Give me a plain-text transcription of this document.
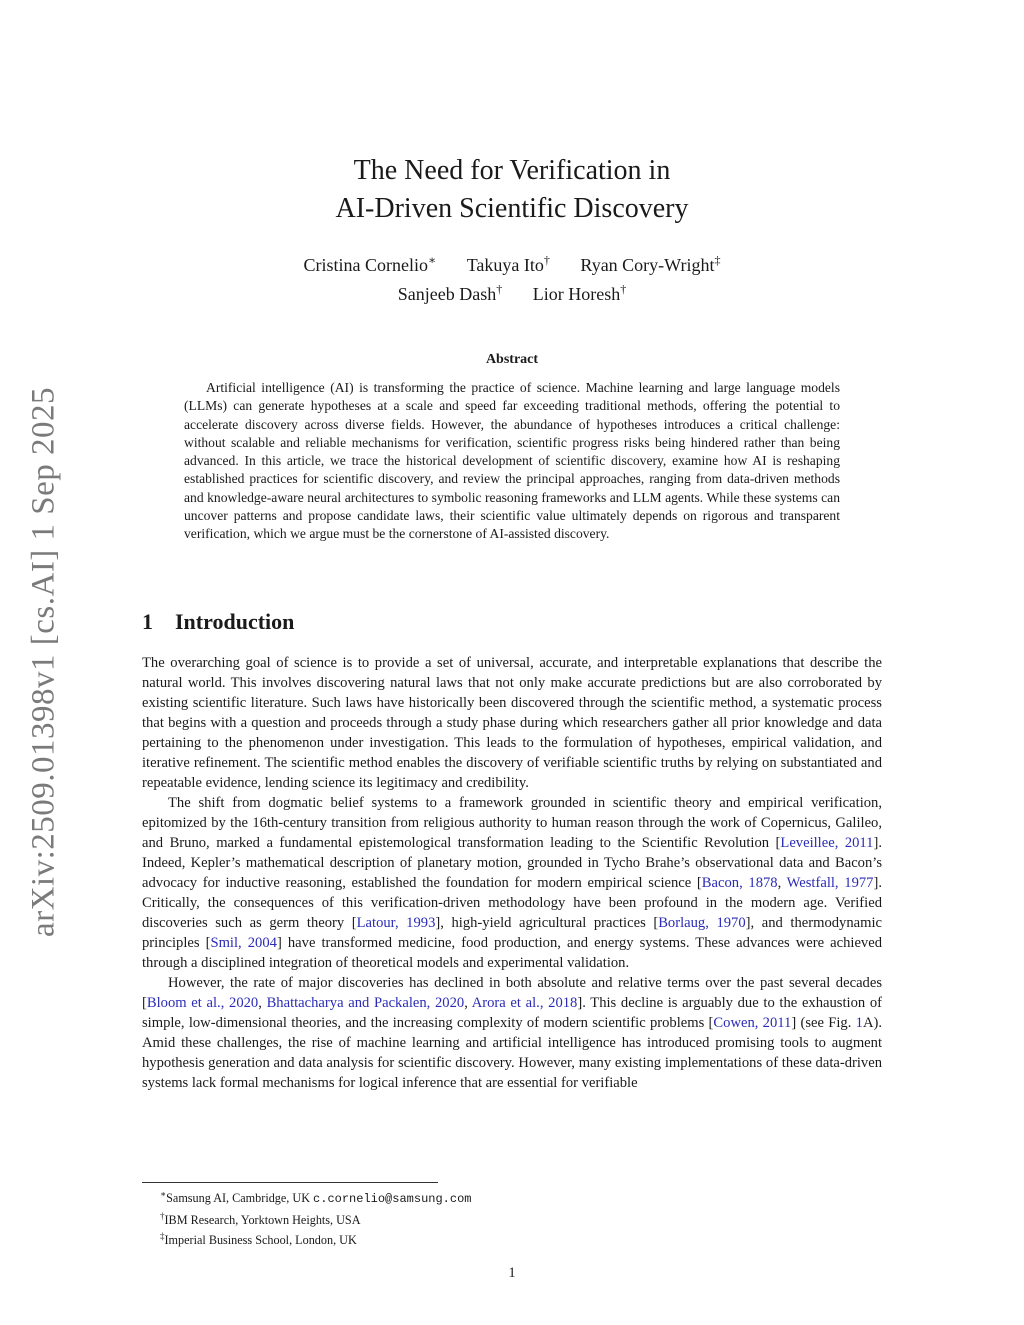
arXiv:2509.01398v1 [cs.AI] 1 Sep 2025
The Need for Verification in
AI-Driven Scientific Discovery
Cristina Cornelio∗ Takuya Ito† Ryan Cory-Wright‡
Sanjeeb Dash† Lior Horesh†
Abstract

Artificial intelligence (AI) is transforming the practice of science. Machine learning and large language models (LLMs) can generate hypotheses at a scale and speed far exceeding traditional methods, offering the potential to accelerate discovery across diverse fields. However, the abundance of hypotheses introduces a critical challenge: without scalable and reliable mechanisms for verification, scientific progress risks being hindered rather than being advanced. In this article, we trace the historical development of scientific discovery, examine how AI is reshaping established practices for scientific discovery, and review the principal approaches, ranging from data-driven methods and knowledge-aware neural architectures to symbolic reasoning frameworks and LLM agents. While these systems can uncover patterns and propose candidate laws, their scientific value ultimately depends on rigorous and transparent verification, which we argue must be the cornerstone of AI-assisted discovery.

1 Introduction

The overarching goal of science is to provide a set of universal, accurate, and interpretable explanations that describe the natural world. This involves discovering natural laws that not only make accurate predictions but are also corroborated by existing scientific literature. Such laws have historically been discovered through the scientific method, a systematic process that begins with a question and proceeds through a study phase during which researchers gather all prior knowledge and data pertaining to the phenomenon under investigation. This leads to the formulation of hypotheses, empirical validation, and iterative refinement. The scientific method enables the discovery of verifiable scientific truths by relying on substantiated and repeatable evidence, lending science its legitimacy and credibility.

The shift from dogmatic belief systems to a framework grounded in scientific theory and empirical verification, epitomized by the 16th-century transition from religious authority to human reason through the work of Copernicus, Galileo, and Bruno, marked a fundamental epistemological transformation leading to the Scientific Revolution [Leveillee, 2011]. Indeed, Kepler’s mathematical description of planetary motion, grounded in Tycho Brahe’s observational data and Bacon’s advocacy for inductive reasoning, established the foundation for modern empirical science [Bacon, 1878, Westfall, 1977]. Critically, the consequences of this verification-driven methodology have been profound in the modern age. Verified discoveries such as germ theory [Latour, 1993], high-yield agricultural practices [Borlaug, 1970], and thermodynamic principles [Smil, 2004] have transformed medicine, food production, and energy systems. These advances were achieved through a disciplined integration of theoretical models and experimental validation.

However, the rate of major discoveries has declined in both absolute and relative terms over the past several decades [Bloom et al., 2020, Bhattacharya and Packalen, 2020, Arora et al., 2018]. This decline is arguably due to the exhaustion of simple, low-dimensional theories, and the increasing complexity of modern scientific problems [Cowen, 2011] (see Fig. 1A). Amid these challenges, the rise of machine learning and artificial intelligence has introduced promising tools to augment hypothesis generation and data analysis for scientific discovery. However, many existing implementations of these data-driven systems lack formal mechanisms for logical inference that are essential for verifiable

∗Samsung AI, Cambridge, UK c.cornelio@samsung.com
†IBM Research, Yorktown Heights, USA
‡Imperial Business School, London, UK
1
